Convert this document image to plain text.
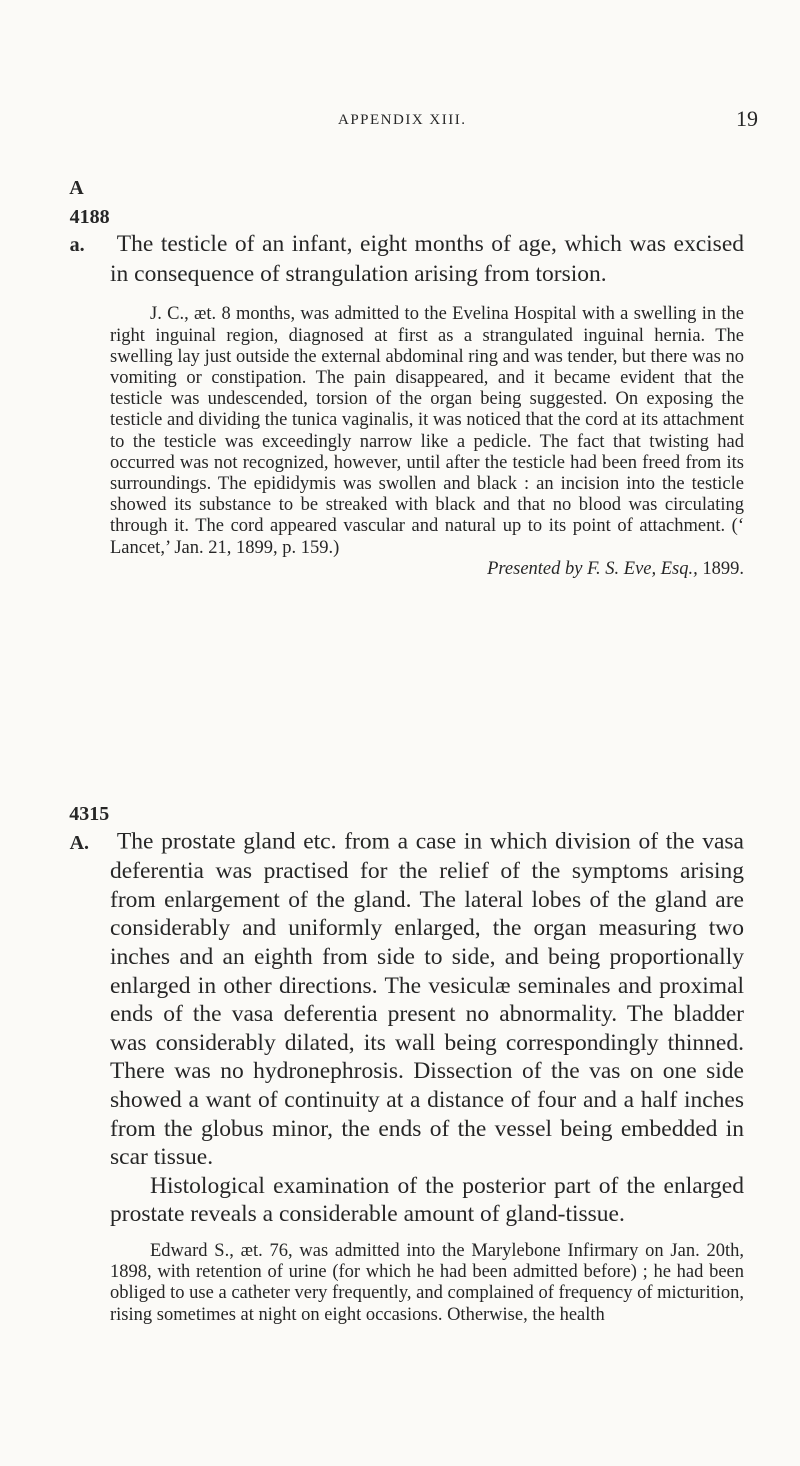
APPENDIX XIII.	19

A 4188 a. The testicle of an infant, eight months of age, which was excised in consequence of strangulation arising from torsion.

J. C., æt. 8 months, was admitted to the Evelina Hospital with a swelling in the right inguinal region, diagnosed at first as a strangulated inguinal hernia. The swelling lay just outside the external abdominal ring and was tender, but there was no vomiting or constipation. The pain disappeared, and it became evident that the testicle was undescended, torsion of the organ being suggested. On exposing the testicle and dividing the tunica vaginalis, it was noticed that the cord at its attachment to the testicle was exceedingly narrow like a pedicle. The fact that twisting had occurred was not recognized, however, until after the testicle had been freed from its surroundings. The epididymis was swollen and black : an incision into the testicle showed its substance to be streaked with black and that no blood was circulating through it. The cord appeared vascular and natural up to its point of attachment. (‘ Lancet,’ Jan. 21, 1899, p. 159.)

Presented by F. S. Eve, Esq., 1899.

4315 A. The prostate gland etc. from a case in which division of the vasa deferentia was practised for the relief of the symptoms arising from enlargement of the gland. The lateral lobes of the gland are considerably and uniformly enlarged, the organ measuring two inches and an eighth from side to side, and being proportionally enlarged in other directions. The vesiculæ seminales and proximal ends of the vasa deferentia present no abnormality. The bladder was considerably dilated, its wall being correspondingly thinned. There was no hydronephrosis. Dissection of the vas on one side showed a want of continuity at a distance of four and a half inches from the globus minor, the ends of the vessel being embedded in scar tissue.

Histological examination of the posterior part of the enlarged prostate reveals a considerable amount of gland-tissue.

Edward S., æt. 76, was admitted into the Marylebone Infirmary on Jan. 20th, 1898, with retention of urine (for which he had been admitted before) ; he had been obliged to use a catheter very frequently, and complained of frequency of micturition, rising sometimes at night on eight occasions. Otherwise, the health
